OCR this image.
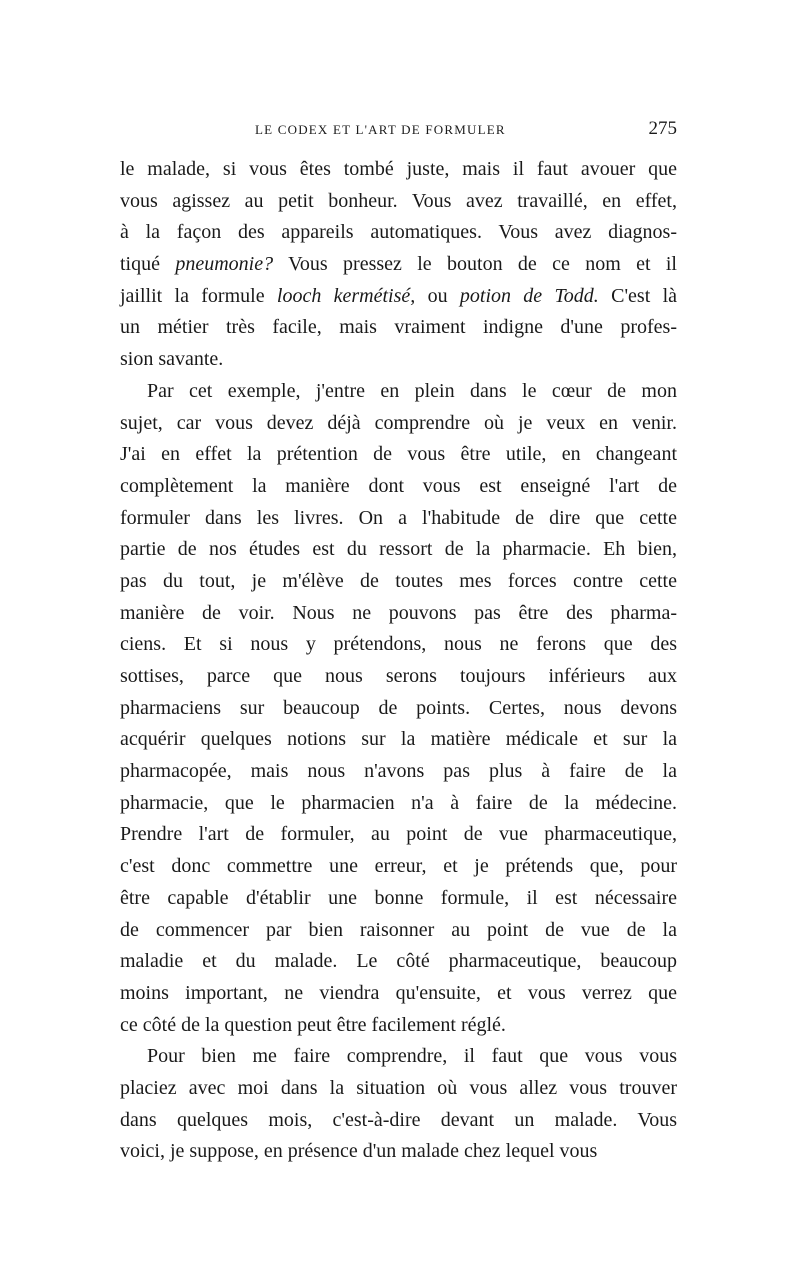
LE CODEX ET L'ART DE FORMULER	275
le malade, si vous êtes tombé juste, mais il faut avouer que
vous agissez au petit bonheur. Vous avez travaillé, en effet,
à la façon des appareils automatiques. Vous avez diagnos-
tiqué pneumonie? Vous pressez le bouton de ce nom et il
jaillit la formule looch kermétisé, ou potion de Todd. C'est là
un métier très facile, mais vraiment indigne d'une profes-
sion savante.
Par cet exemple, j'entre en plein dans le cœur de mon
sujet, car vous devez déjà comprendre où je veux en venir.
J'ai en effet la prétention de vous être utile, en changeant
complètement la manière dont vous est enseigné l'art de
formuler dans les livres. On a l'habitude de dire que cette
partie de nos études est du ressort de la pharmacie. Eh bien,
pas du tout, je m'élève de toutes mes forces contre cette
manière de voir. Nous ne pouvons pas être des pharma-
ciens. Et si nous y prétendons, nous ne ferons que des
sottises, parce que nous serons toujours inférieurs aux
pharmaciens sur beaucoup de points. Certes, nous devons
acquérir quelques notions sur la matière médicale et sur la
pharmacopée, mais nous n'avons pas plus à faire de la
pharmacie, que le pharmacien n'a à faire de la médecine.
Prendre l'art de formuler, au point de vue pharmaceutique,
c'est donc commettre une erreur, et je prétends que, pour
être capable d'établir une bonne formule, il est nécessaire
de commencer par bien raisonner au point de vue de la
maladie et du malade. Le côté pharmaceutique, beaucoup
moins important, ne viendra qu'ensuite, et vous verrez que
ce côté de la question peut être facilement réglé.
Pour bien me faire comprendre, il faut que vous vous
placiez avec moi dans la situation où vous allez vous trouver
dans quelques mois, c'est-à-dire devant un malade. Vous
voici, je suppose, en présence d'un malade chez lequel vous
